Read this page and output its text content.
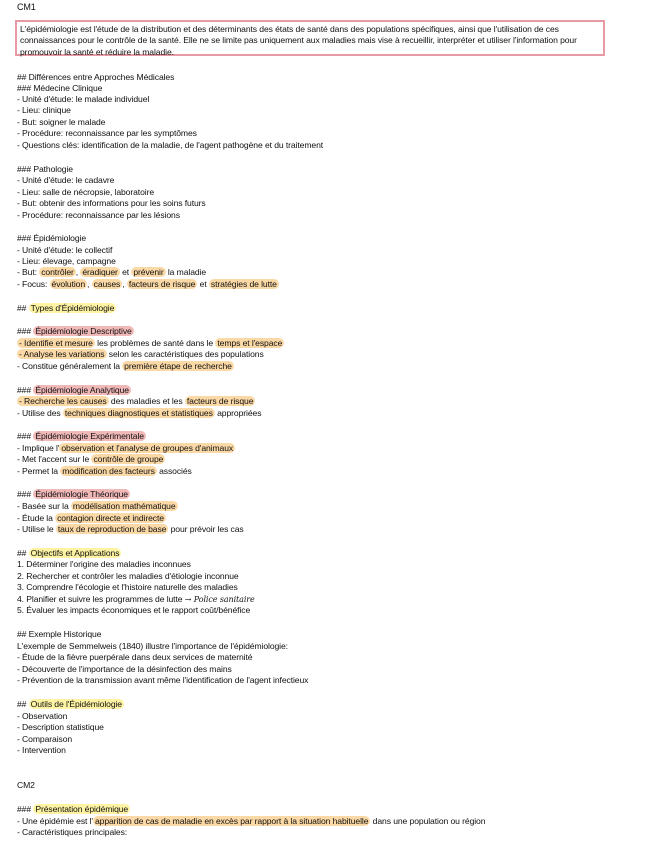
CM1
L'épidémiologie est l'étude de la distribution et des déterminants des états de santé dans des populations spécifiques, ainsi que l'utilisation de ces connaissances pour le contrôle de la santé. Elle ne se limite pas uniquement aux maladies mais vise à recueillir, interpréter et utiliser l'information pour promouvoir la santé et réduire la maladie.
## Différences entre Approches Médicales
### Médecine Clinique
- Unité d'étude: le malade individuel
- Lieu: clinique
- But: soigner le malade
- Procédure: reconnaissance par les symptômes
- Questions clés: identification de la maladie, de l'agent pathogène et du traitement
### Pathologie
- Unité d'étude: le cadavre
- Lieu: salle de nécropsie, laboratoire
- But: obtenir des informations pour les soins futurs
- Procédure: reconnaissance par les lésions
### Épidémiologie
- Unité d'étude: le collectif
- Lieu: élevage, campagne
- But: contrôler , éradiquer et prévenir la maladie
- Focus: évolution , causes , facteurs de risque et stratégies de lutte
## Types d'Épidémiologie
### Épidémiologie Descriptive
- Identifie et mesure les problèmes de santé dans le temps et l'espace
- Analyse les variations selon les caractéristiques des populations
- Constitue généralement la première étape de recherche
### Épidémiologie Analytique
- Recherche les causes des maladies et les facteurs de risque
- Utilise des techniques diagnostiques et statistiques appropriées
### Épidémiologie Expérimentale
- Implique l' observation et l'analyse de groupes d'animaux
- Met l'accent sur le contrôle de groupe
- Permet la modification des facteurs associés
### Épidémiologie Théorique
- Basée sur la modélisation mathématique
- Étude la contagion directe et indirecte
- Utilise le taux de reproduction de base pour prévoir les cas
## Objectifs et Applications
1. Déterminer l'origine des maladies inconnues
2. Rechercher et contrôler les maladies d'étiologie inconnue
3. Comprendre l'écologie et l'histoire naturelle des maladies
4. Planifier et suivre les programmes de lutte → Police sanitaire
5. Évaluer les impacts économiques et le rapport coût/bénéfice
## Exemple Historique
L'exemple de Semmelweis (1840) illustre l'importance de l'épidémiologie:
- Étude de la fièvre puerpérale dans deux services de maternité
- Découverte de l'importance de la désinfection des mains
- Prévention de la transmission avant même l'identification de l'agent infectieux
## Outils de l'Épidémiologie
- Observation
- Description statistique
- Comparaison
- Intervention
CM2
### Présentation épidémique
- Une épidémie est l' apparition de cas de maladie en excès par rapport à la situation habituelle dans une population ou région
- Caractéristiques principales:
